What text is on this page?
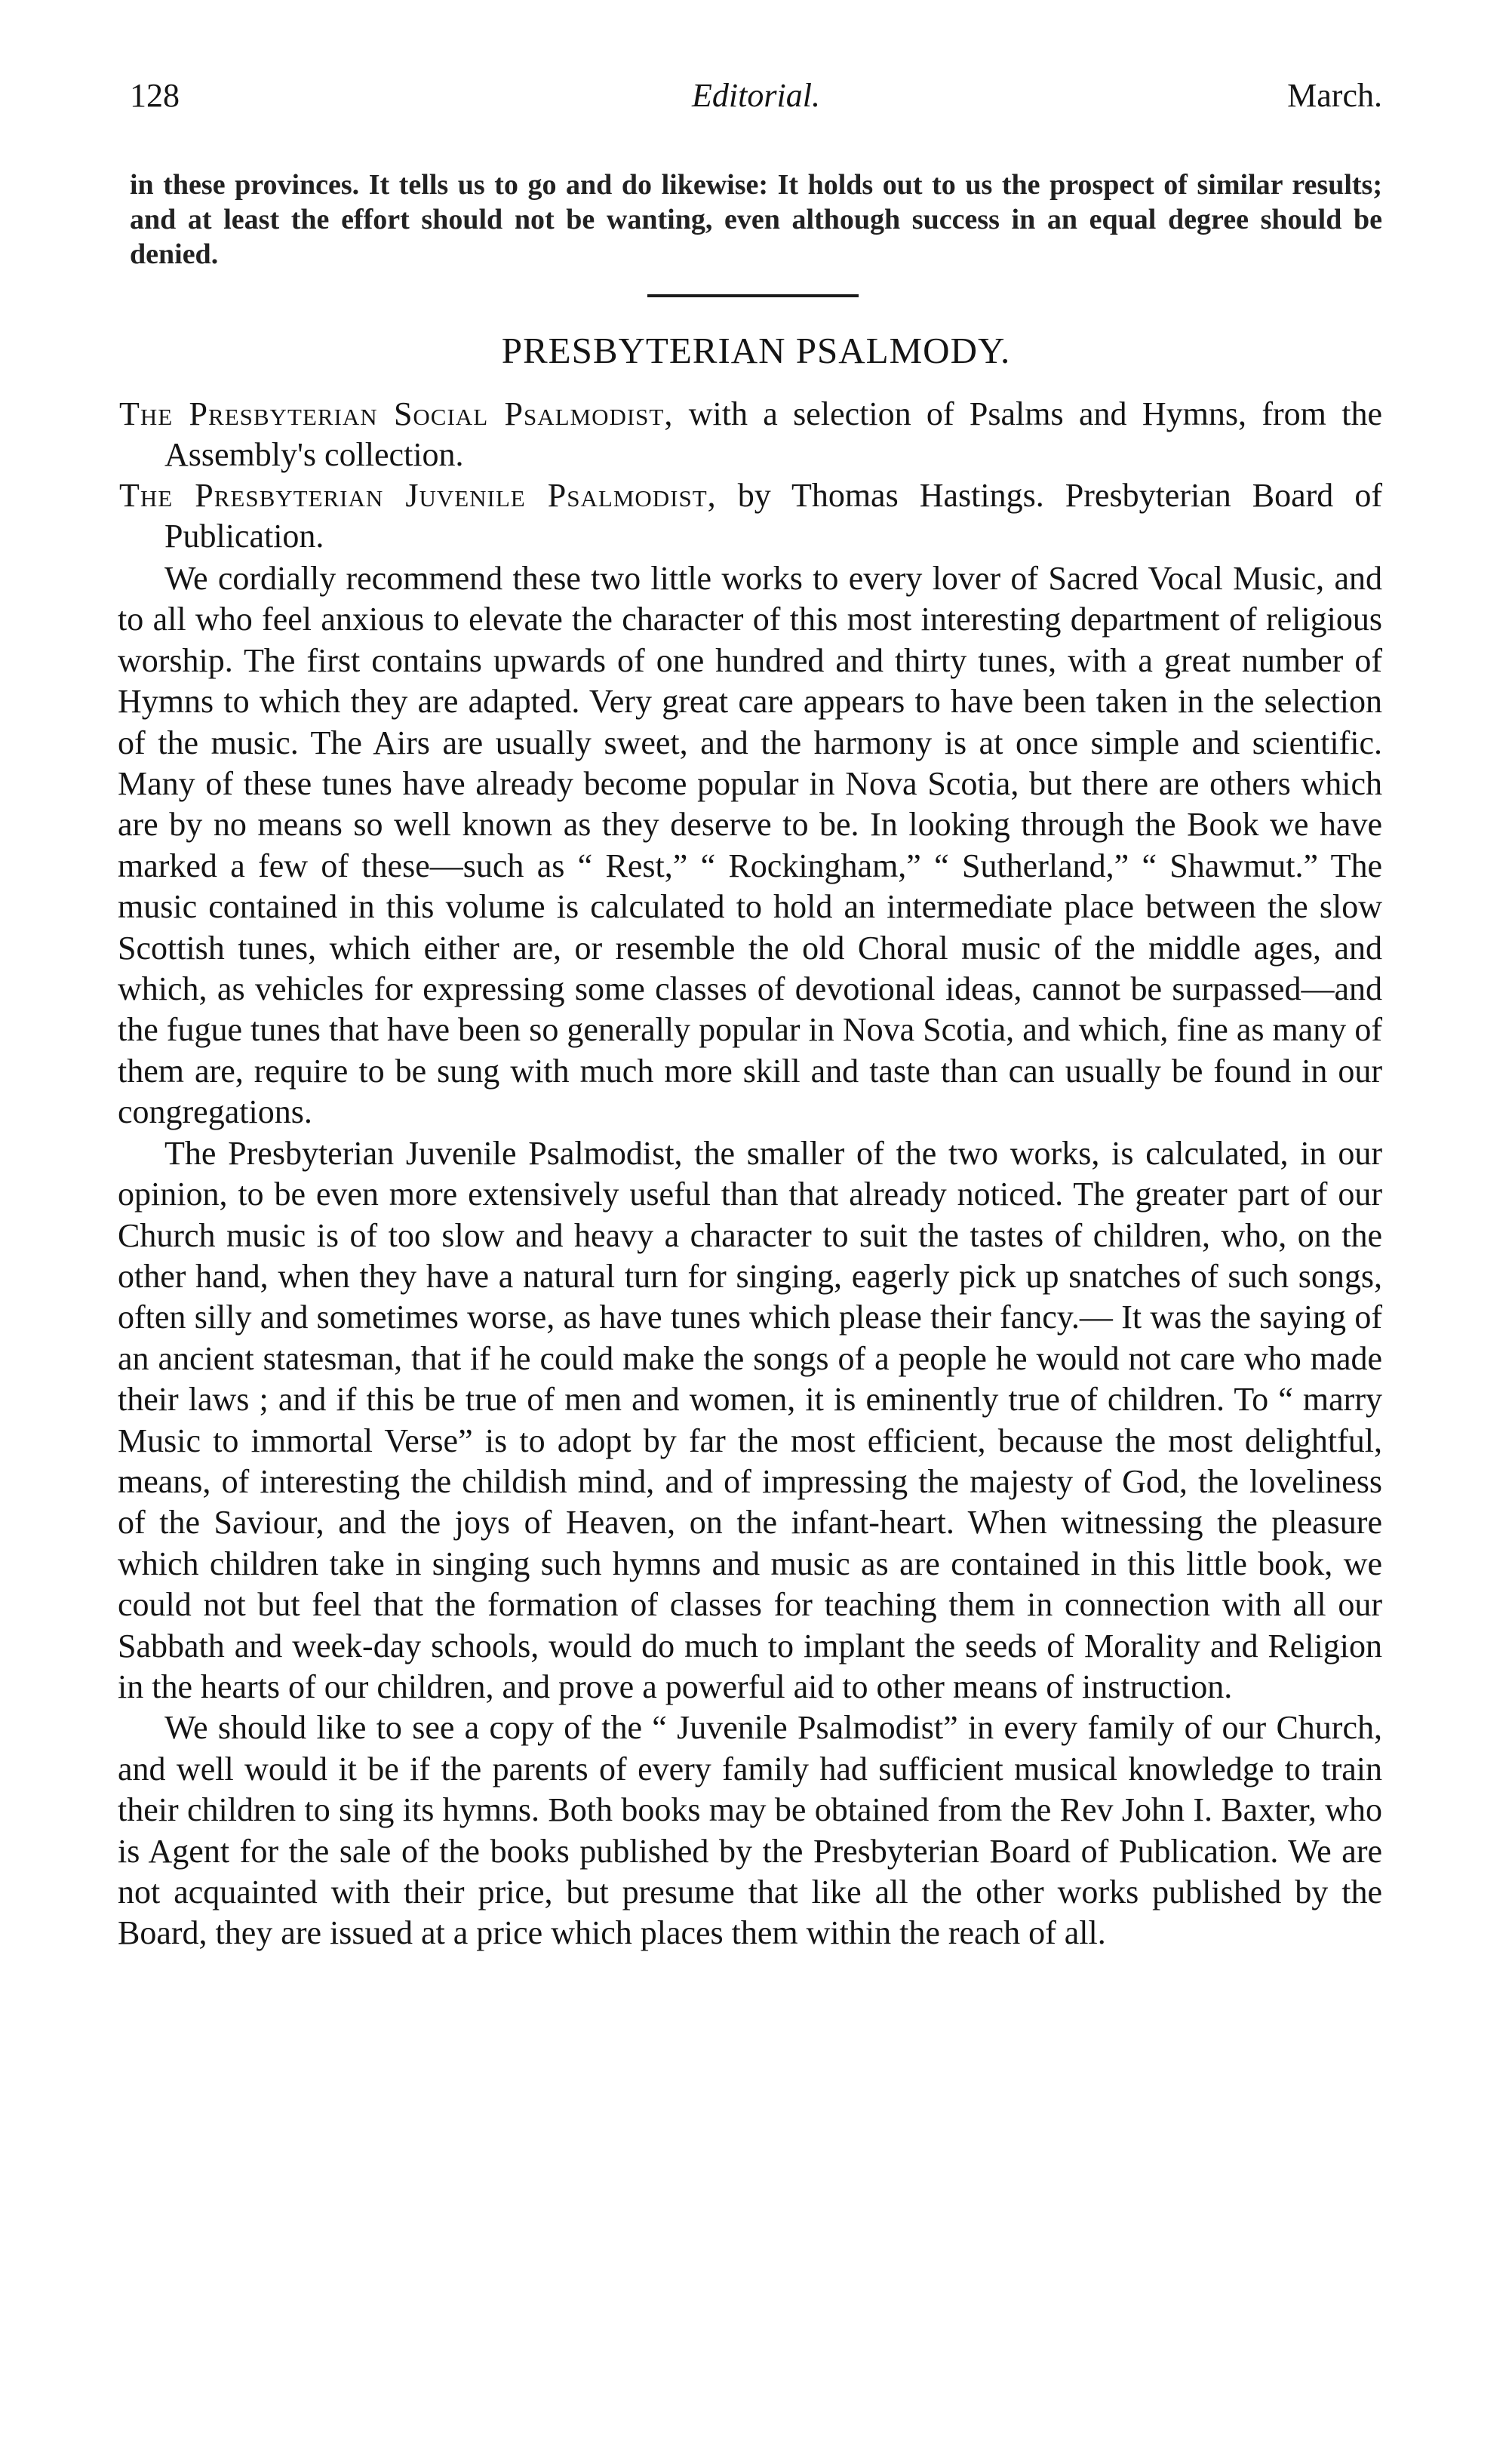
128	Editorial.	March.

in these provinces. It tells us to go and do likewise: It holds out to us the prospect of similar results; and at least the effort should not be wanting, even although success in an equal degree should be denied.

PRESBYTERIAN PSALMODY.

The Presbyterian Social Psalmodist, with a selection of Psalms and Hymns, from the Assembly's collection.

The Presbyterian Juvenile Psalmodist, by Thomas Hastings. Presbyterian Board of Publication.

We cordially recommend these two little works to every lover of Sacred Vocal Music, and to all who feel anxious to elevate the character of this most interesting department of religious worship. The first contains upwards of one hundred and thirty tunes, with a great number of Hymns to which they are adapted. Very great care appears to have been taken in the selection of the music. The Airs are usually sweet, and the harmony is at once simple and scientific. Many of these tunes have already become popular in Nova Scotia, but there are others which are by no means so well known as they deserve to be. In looking through the Book we have marked a few of these—such as “ Rest,” “ Rockingham,” “ Sutherland,” “ Shawmut.” The music contained in this volume is calculated to hold an intermediate place between the slow Scottish tunes, which either are, or resemble the old Choral music of the middle ages, and which, as vehicles for expressing some classes of devotional ideas, cannot be surpassed—and the fugue tunes that have been so generally popular in Nova Scotia, and which, fine as many of them are, require to be sung with much more skill and taste than can usually be found in our congregations.

The Presbyterian Juvenile Psalmodist, the smaller of the two works, is calculated, in our opinion, to be even more extensively useful than that already noticed. The greater part of our Church music is of too slow and heavy a character to suit the tastes of children, who, on the other hand, when they have a natural turn for singing, eagerly pick up snatches of such songs, often silly and sometimes worse, as have tunes which please their fancy.— It was the saying of an ancient statesman, that if he could make the songs of a people he would not care who made their laws ; and if this be true of men and women, it is eminently true of children. To “ marry Music to immortal Verse” is to adopt by far the most efficient, because the most delightful, means, of interesting the childish mind, and of impressing the majesty of God, the loveliness of the Saviour, and the joys of Heaven, on the infant-heart. When witnessing the pleasure which children take in singing such hymns and music as are contained in this little book, we could not but feel that the formation of classes for teaching them in connection with all our Sabbath and week-day schools, would do much to implant the seeds of Morality and Religion in the hearts of our children, and prove a powerful aid to other means of instruction.

We should like to see a copy of the “ Juvenile Psalmodist” in every family of our Church, and well would it be if the parents of every family had sufficient musical knowledge to train their children to sing its hymns. Both books may be obtained from the Rev John I. Baxter, who is Agent for the sale of the books published by the Presbyterian Board of Publication. We are not acquainted with their price, but presume that like all the other works published by the Board, they are issued at a price which places them within the reach of all.
